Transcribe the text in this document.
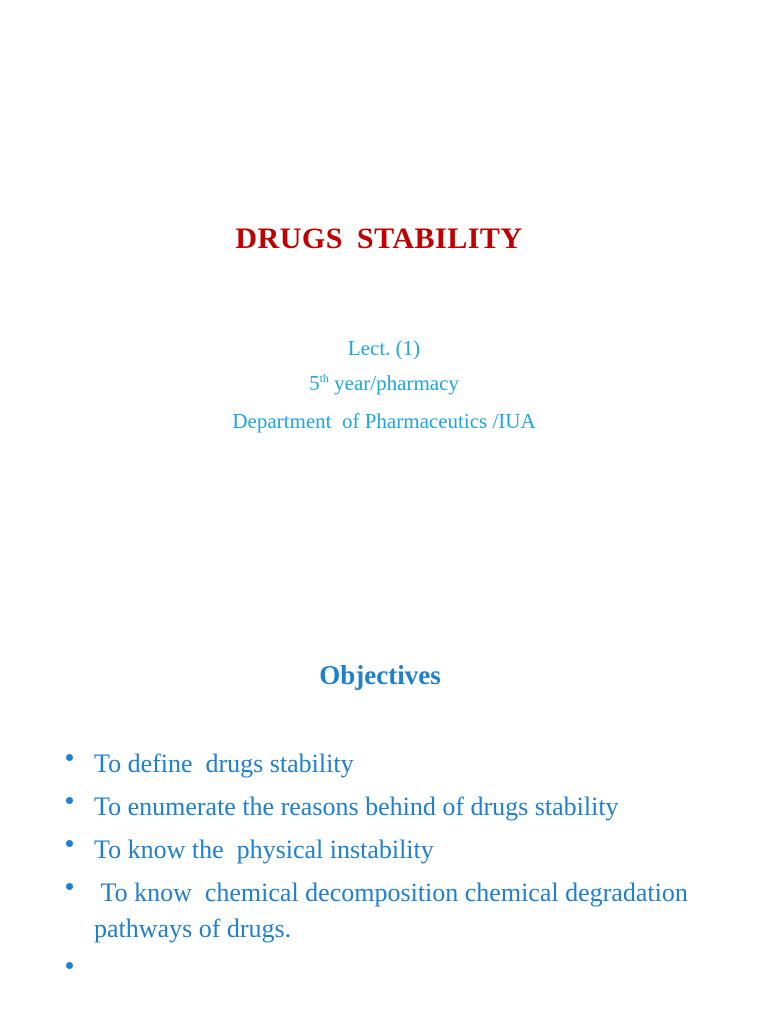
DRUGS STABILITY

Lect. (1)

5th year/pharmacy

Department  of Pharmaceutics /IUA

Objectives
To define  drugs stability
To enumerate the reasons behind of drugs stability
To know the  physical instability
To know  chemical decomposition chemical degradation pathways of drugs.
